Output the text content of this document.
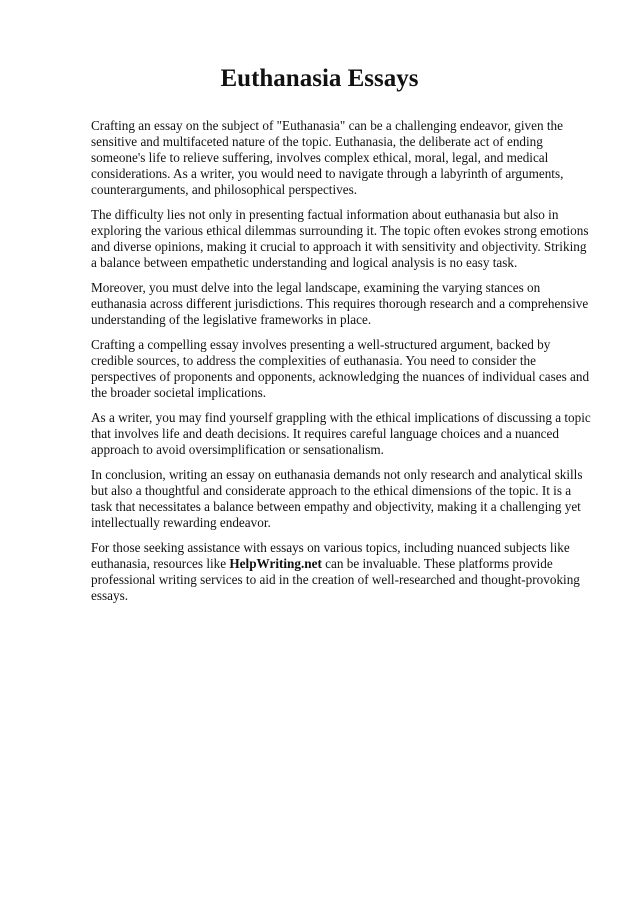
Euthanasia Essays

Crafting an essay on the subject of "Euthanasia" can be a challenging endeavor, given the sensitive and multifaceted nature of the topic. Euthanasia, the deliberate act of ending someone's life to relieve suffering, involves complex ethical, moral, legal, and medical considerations. As a writer, you would need to navigate through a labyrinth of arguments, counterarguments, and philosophical perspectives.

The difficulty lies not only in presenting factual information about euthanasia but also in exploring the various ethical dilemmas surrounding it. The topic often evokes strong emotions and diverse opinions, making it crucial to approach it with sensitivity and objectivity. Striking a balance between empathetic understanding and logical analysis is no easy task.

Moreover, you must delve into the legal landscape, examining the varying stances on euthanasia across different jurisdictions. This requires thorough research and a comprehensive understanding of the legislative frameworks in place.

Crafting a compelling essay involves presenting a well-structured argument, backed by credible sources, to address the complexities of euthanasia. You need to consider the perspectives of proponents and opponents, acknowledging the nuances of individual cases and the broader societal implications.

As a writer, you may find yourself grappling with the ethical implications of discussing a topic that involves life and death decisions. It requires careful language choices and a nuanced approach to avoid oversimplification or sensationalism.

In conclusion, writing an essay on euthanasia demands not only research and analytical skills but also a thoughtful and considerate approach to the ethical dimensions of the topic. It is a task that necessitates a balance between empathy and objectivity, making it a challenging yet intellectually rewarding endeavor.

For those seeking assistance with essays on various topics, including nuanced subjects like euthanasia, resources like HelpWriting.net can be invaluable. These platforms provide professional writing services to aid in the creation of well-researched and thought-provoking essays.
